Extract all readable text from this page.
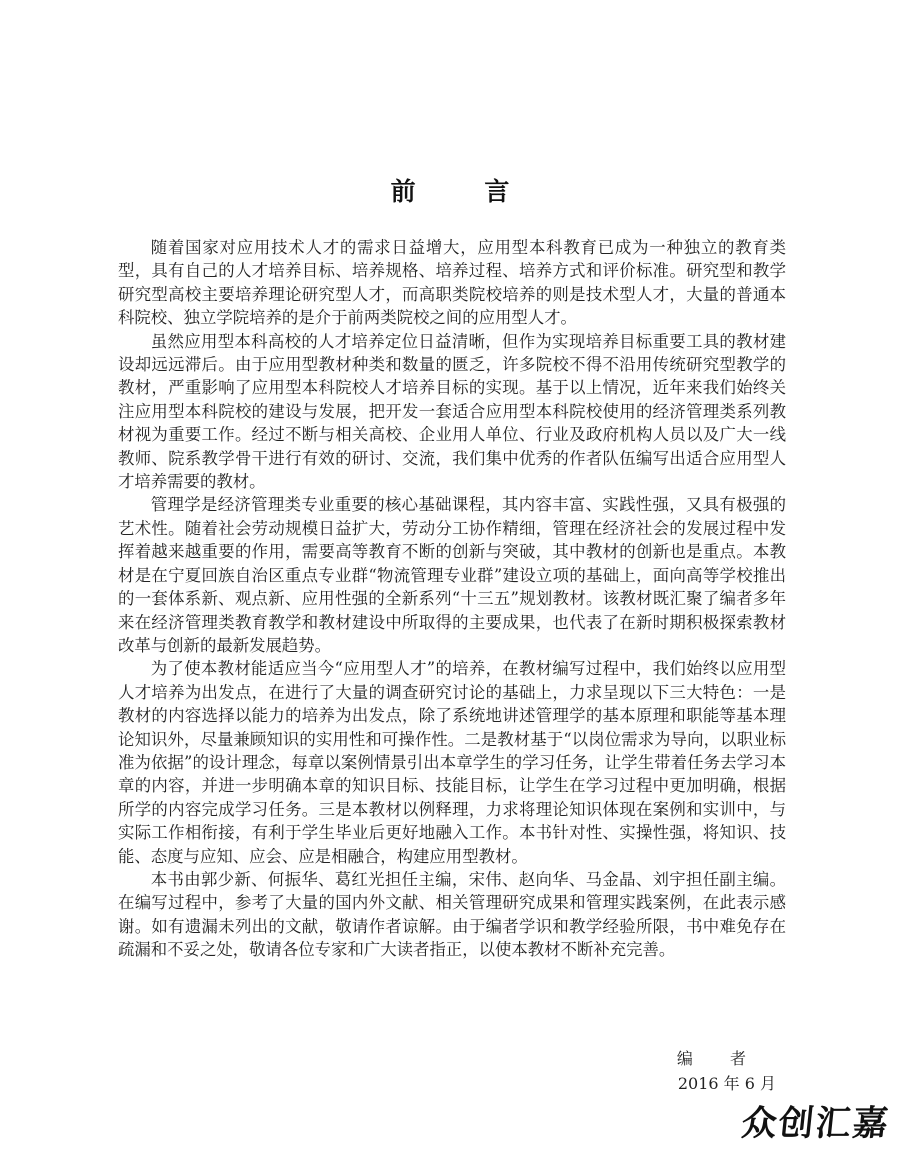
前 言

随着国家对应用技术人才的需求日益增大，应用型本科教育已成为一种独立的教育类型，具有自己的人才培养目标、培养规格、培养过程、培养方式和评价标准。研究型和教学研究型高校主要培养理论研究型人才，而高职类院校培养的则是技术型人才，大量的普通本科院校、独立学院培养的是介于前两类院校之间的应用型人才。

虽然应用型本科高校的人才培养定位日益清晰，但作为实现培养目标重要工具的教材建设却远远滞后。由于应用型教材种类和数量的匮乏，许多院校不得不沿用传统研究型教学的教材，严重影响了应用型本科院校人才培养目标的实现。基于以上情况，近年来我们始终关注应用型本科院校的建设与发展，把开发一套适合应用型本科院校使用的经济管理类系列教材视为重要工作。经过不断与相关高校、企业用人单位、行业及政府机构人员以及广大一线教师、院系教学骨干进行有效的研讨、交流，我们集中优秀的作者队伍编写出适合应用型人才培养需要的教材。

管理学是经济管理类专业重要的核心基础课程，其内容丰富、实践性强，又具有极强的艺术性。随着社会劳动规模日益扩大，劳动分工协作精细，管理在经济社会的发展过程中发挥着越来越重要的作用，需要高等教育不断的创新与突破，其中教材的创新也是重点。本教材是在宁夏回族自治区重点专业群“物流管理专业群”建设立项的基础上，面向高等学校推出的一套体系新、观点新、应用性强的全新系列“十三五”规划教材。该教材既汇聚了编者多年来在经济管理类教育教学和教材建设中所取得的主要成果，也代表了在新时期积极探索教材改革与创新的最新发展趋势。

为了使本教材能适应当今“应用型人才”的培养，在教材编写过程中，我们始终以应用型人才培养为出发点，在进行了大量的调查研究讨论的基础上，力求呈现以下三大特色：一是教材的内容选择以能力的培养为出发点，除了系统地讲述管理学的基本原理和职能等基本理论知识外，尽量兼顾知识的实用性和可操作性。二是教材基于“以岗位需求为导向，以职业标准为依据”的设计理念，每章以案例情景引出本章学生的学习任务，让学生带着任务去学习本章的内容，并进一步明确本章的知识目标、技能目标，让学生在学习过程中更加明确，根据所学的内容完成学习任务。三是本教材以例释理，力求将理论知识体现在案例和实训中，与实际工作相衔接，有利于学生毕业后更好地融入工作。本书针对性、实操性强，将知识、技能、态度与应知、应会、应是相融合，构建应用型教材。

本书由郭少新、何振华、葛红光担任主编，宋伟、赵向华、马金晶、刘宇担任副主编。在编写过程中，参考了大量的国内外文献、相关管理研究成果和管理实践案例，在此表示感谢。如有遗漏未列出的文献，敬请作者谅解。由于编者学识和教学经验所限，书中难免存在疏漏和不妥之处，敬请各位专家和广大读者指正，以使本教材不断补充完善。

编 者
2016 年 6 月
众创汇嘉
